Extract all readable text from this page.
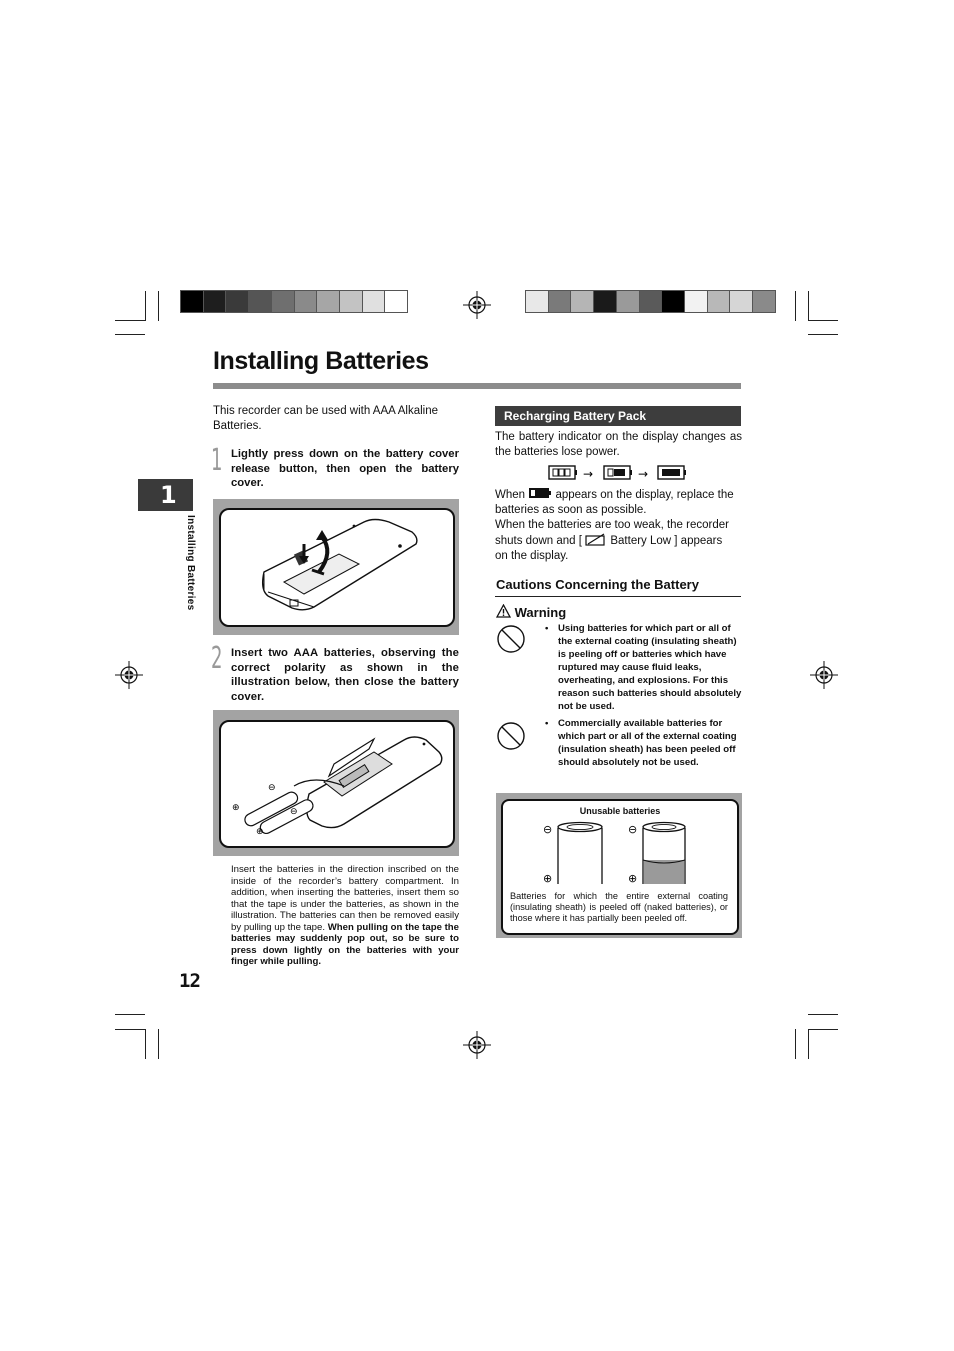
Installing Batteries
1
Installing Batteries
12
This recorder can be used with AAA Alkaline Batteries.
1 Lightly press down on the battery cover release button, then open the battery cover.
2 Insert two AAA batteries, observing the correct polarity as shown in the illustration below, then close the battery cover.
⊕
⊕
⊖
⊖
Insert the batteries in the direction inscribed on the inside of the recorder’s battery compartment. In addition, when inserting the batteries, insert them so that the tape is under the batteries, as shown in the illustration. The batteries can then be removed easily by pulling up the tape. When pulling on the tape the batteries may suddenly pop out, so be sure to press down lightly on the batteries with your finger while pulling.
Recharging Battery Pack
The battery indicator on the display changes as the batteries lose power.
→	→
When	appears on the display, replace the
batteries as soon as possible.
When the batteries are too weak, the recorder
shuts down and [ Battery Low ] appears
on the display.
Cautions Concerning the Battery
Warning
• Using batteries for which part or all of the external coating (insulating sheath) is peeling off or batteries which have ruptured may cause fluid leaks, overheating, and explosions. For this reason such batteries should absolutely not be used.
• Commercially available batteries for which part or all of the external coating (insulation sheath) has been peeled off should absolutely not be used.
Unusable batteries
⊖
⊕
⊖
⊕
Batteries for which the entire external coating (insulating sheath) is peeled off (naked batteries), or those where it has partially been peeled off.
